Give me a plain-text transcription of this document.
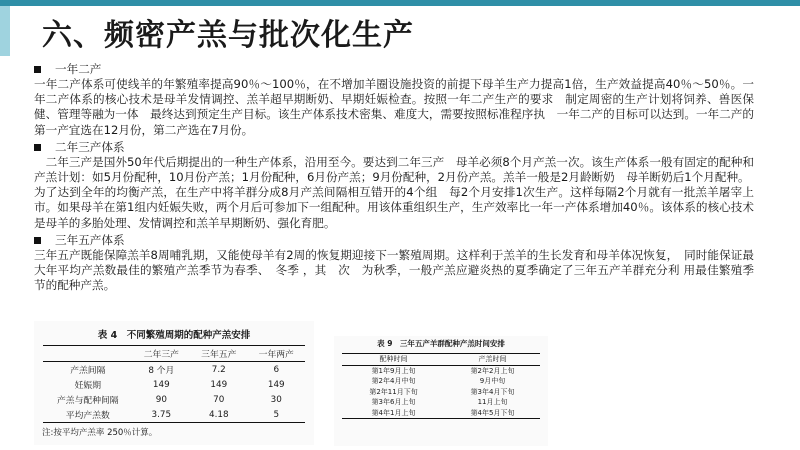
六、频密产羔与批次化生产
一年二产

一年二产体系可使线羊的年繁殖率提高90％～100％，在不增加羊圈设施投资的前提下母羊生产力提高1倍，生产效益提高40％～50％。一年二产体系的核心技术是母羊发情调控、羔羊超早期断奶、早期妊娠检查。按照一年二产生产的要求　制定周密的生产计划将饲养、兽医保健、管理等融为一体　最终达到预定生产目标。该生产体系技术密集、难度大，需要按照标准程序执　一年二产的目标可以达到。一年二产的第一产宜选在12月份，第二产选在7月份。

二年三产体系

　二年三产是国外50年代后期提出的一种生产体系，沿用至今。要达到二年三产　母羊必须8个月产羔一次。该生产体系一般有固定的配种和产羔计划：如5月份配种，10月份产羔；1月份配种，6月份产羔；9月份配种，2月份产羔。羔羊一般是2月龄断奶　母羊断奶后1个月配种。

为了达到全年的均衡产羔，在生产中将羊群分成8月产羔间隔相互错开的4个组　每2个月安排1次生产。这样每隔2个月就有一批羔羊屠宰上市。如果母羊在第1组内妊娠失败，两个月后可参加下一组配种。用该体重组织生产，生产效率比一年一产体系增加40％。该体系的核心技术是母羊的多胎处理、发情调控和羔羊早期断奶、强化育肥。

三年五产体系

三年五产既能保障羔羊8周哺乳期，又能使母羊有2周的恢复期迎接下一繁殖周期。这样利于羔羊的生长发育和母羊体况恢复，　同时能保证最大年平均产羔数最佳的繁殖产羔季节为春季、　冬季 ，其　次　为秋季，一般产羔应避炎热的夏季确定了三年五产羊群充分利 用最佳繁殖季节的配种产羔。

表 4　不同繁殖周期的配种产羔安排
	二年三产	三年五产	一年两产
产羔间隔	8 个月	7.2	6
妊娠期	149	149	149
产羔与配种间隔	90	70	30
平均产羔数	3.75	4.18	5
注:按平均产羔率 250％计算。
表 9　三年五产羊群配种产羔时间安排
配种时间	产羔时间
第1年9月上旬	第2年2月上旬
第2年4月中旬	9月中旬
第2年11月下旬	第3年4月下旬
第3年6月上旬	11月上旬
第4年1月上旬	第4年5月下旬
